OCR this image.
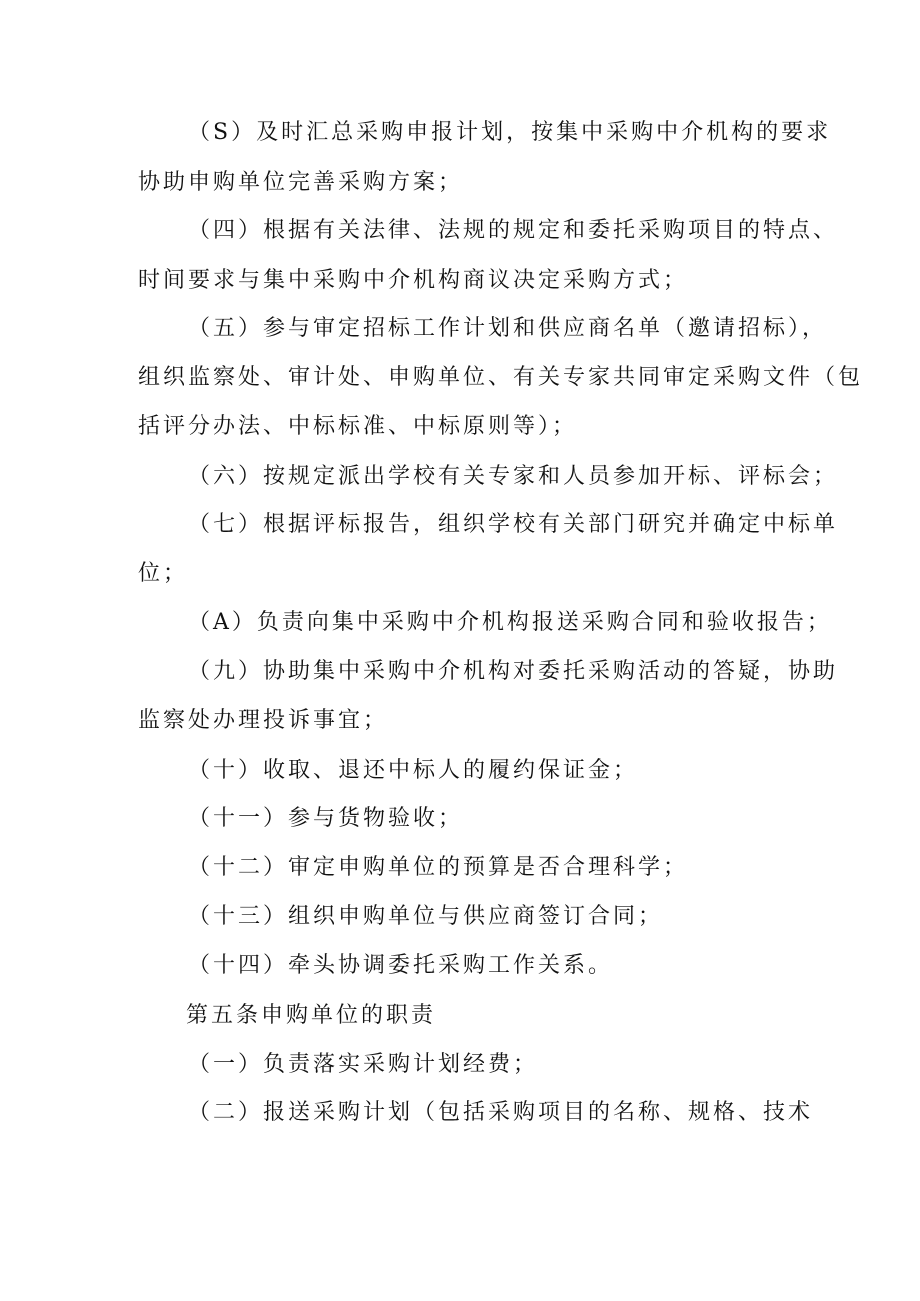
（S）及时汇总采购申报计划，按集中采购中介机构的要求
协助申购单位完善采购方案；
（四）根据有关法律、法规的规定和委托采购项目的特点、
时间要求与集中采购中介机构商议决定采购方式；
（五）参与审定招标工作计划和供应商名单（邀请招标），
组织监察处、审计处、申购单位、有关专家共同审定采购文件（包
括评分办法、中标标准、中标原则等）；
（六）按规定派出学校有关专家和人员参加开标、评标会；
（七）根据评标报告，组织学校有关部门研究并确定中标单
位；
（A）负责向集中采购中介机构报送采购合同和验收报告；
（九）协助集中采购中介机构对委托采购活动的答疑，协助
监察处办理投诉事宜；
（十）收取、退还中标人的履约保证金；
（十一）参与货物验收；
（十二）审定申购单位的预算是否合理科学；
（十三）组织申购单位与供应商签订合同；
（十四）牵头协调委托采购工作关系。
第五条申购单位的职责
（一）负责落实采购计划经费；
（二）报送采购计划（包括采购项目的名称、规格、技术
